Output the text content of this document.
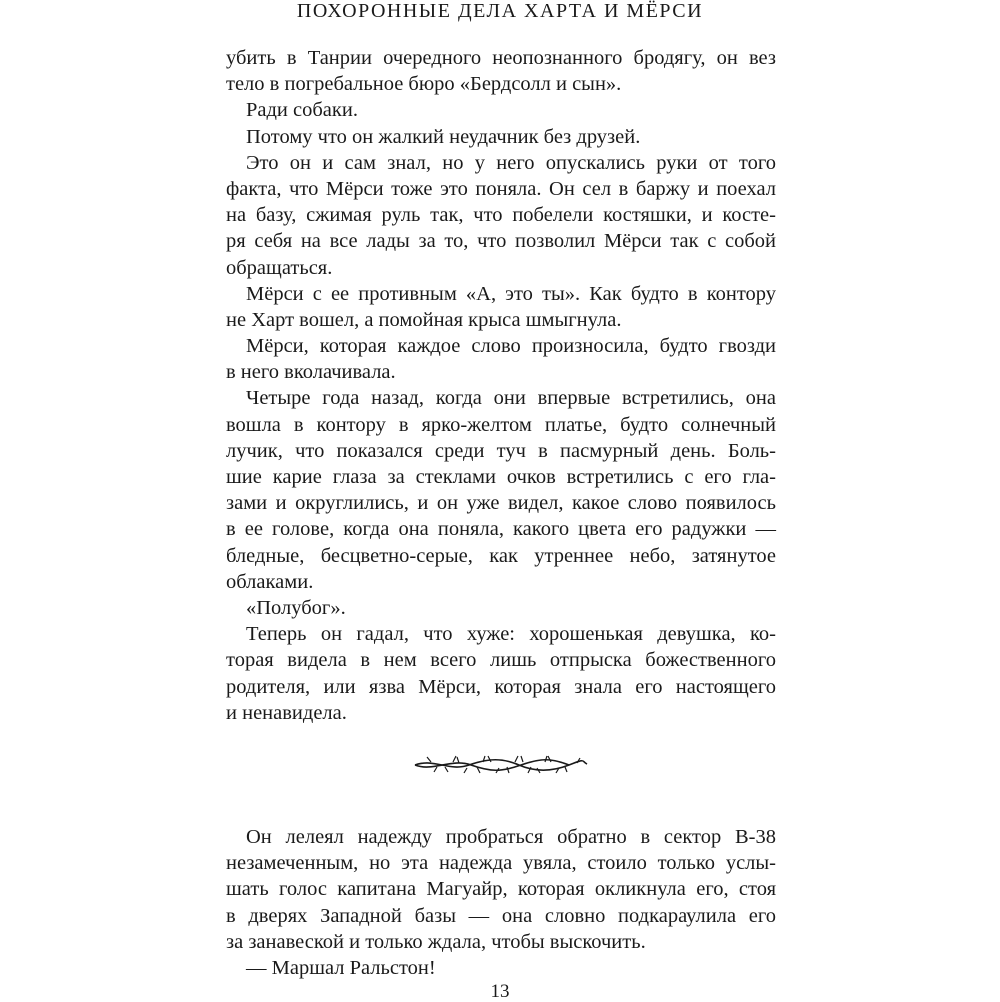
ПОХОРОННЫЕ ДЕЛА ХАРТА И МЁРСИ
убить в Танрии очередного неопознанного бродягу, он вез
тело в погребальное бюро «Бердсолл и сын».
Ради собаки.
Потому что он жалкий неудачник без друзей.
Это он и сам знал, но у него опускались руки от того
факта, что Мёрси тоже это поняла. Он сел в баржу и поехал
на базу, сжимая руль так, что побелели костяшки, и косте-
ря себя на все лады за то, что позволил Мёрси так с собой
обращаться.
Мёрси с ее противным «А, это ты». Как будто в контору
не Харт вошел, а помойная крыса шмыгнула.
Мёрси, которая каждое слово произносила, будто гвозди
в него вколачивала.
Четыре года назад, когда они впервые встретились, она
вошла в контору в ярко-желтом платье, будто солнечный
лучик, что показался среди туч в пасмурный день. Боль-
шие карие глаза за стеклами очков встретились с его гла-
зами и округлились, и он уже видел, какое слово появилось
в ее голове, когда она поняла, какого цвета его радужки —
бледные, бесцветно-серые, как утреннее небо, затянутое
облаками.
«Полубог».
Теперь он гадал, что хуже: хорошенькая девушка, ко-
торая видела в нем всего лишь отпрыска божественного
родителя, или язва Мёрси, которая знала его настоящего
и ненавидела.
Он лелеял надежду пробраться обратно в сектор В-38
незамеченным, но эта надежда увяла, стоило только услы-
шать голос капитана Магуайр, которая окликнула его, стоя
в дверях Западной базы — она словно подкараулила его
за занавеской и только ждала, чтобы выскочить.
— Маршал Ральстон!
13
